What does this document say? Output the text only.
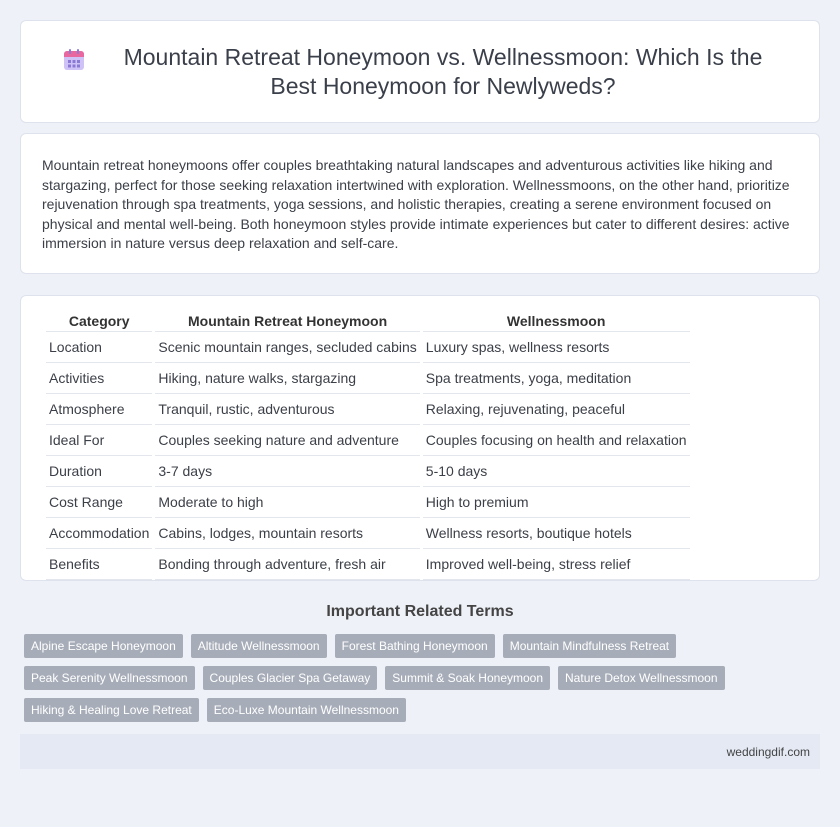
Mountain Retreat Honeymoon vs. Wellnessmoon: Which Is the Best Honeymoon for Newlyweds?

Mountain retreat honeymoons offer couples breathtaking natural landscapes and adventurous activities like hiking and stargazing, perfect for those seeking relaxation intertwined with exploration. Wellnessmoons, on the other hand, prioritize rejuvenation through spa treatments, yoga sessions, and holistic therapies, creating a serene environment focused on physical and mental well-being. Both honeymoon styles provide intimate experiences but cater to different desires: active immersion in nature versus deep relaxation and self-care.

Category	Mountain Retreat Honeymoon	Wellnessmoon
Location	Scenic mountain ranges, secluded cabins	Luxury spas, wellness resorts
Activities	Hiking, nature walks, stargazing	Spa treatments, yoga, meditation
Atmosphere	Tranquil, rustic, adventurous	Relaxing, rejuvenating, peaceful
Ideal For	Couples seeking nature and adventure	Couples focusing on health and relaxation
Duration	3-7 days	5-10 days
Cost Range	Moderate to high	High to premium
Accommodation	Cabins, lodges, mountain resorts	Wellness resorts, boutique hotels
Benefits	Bonding through adventure, fresh air	Improved well-being, stress relief
Important Related Terms
Alpine Escape Honeymoon	Altitude Wellnessmoon	Forest Bathing Honeymoon	Mountain Mindfulness Retreat
Peak Serenity Wellnessmoon	Couples Glacier Spa Getaway	Summit & Soak Honeymoon	Nature Detox Wellnessmoon
Hiking & Healing Love Retreat	Eco-Luxe Mountain Wellnessmoon
weddingdif.com
